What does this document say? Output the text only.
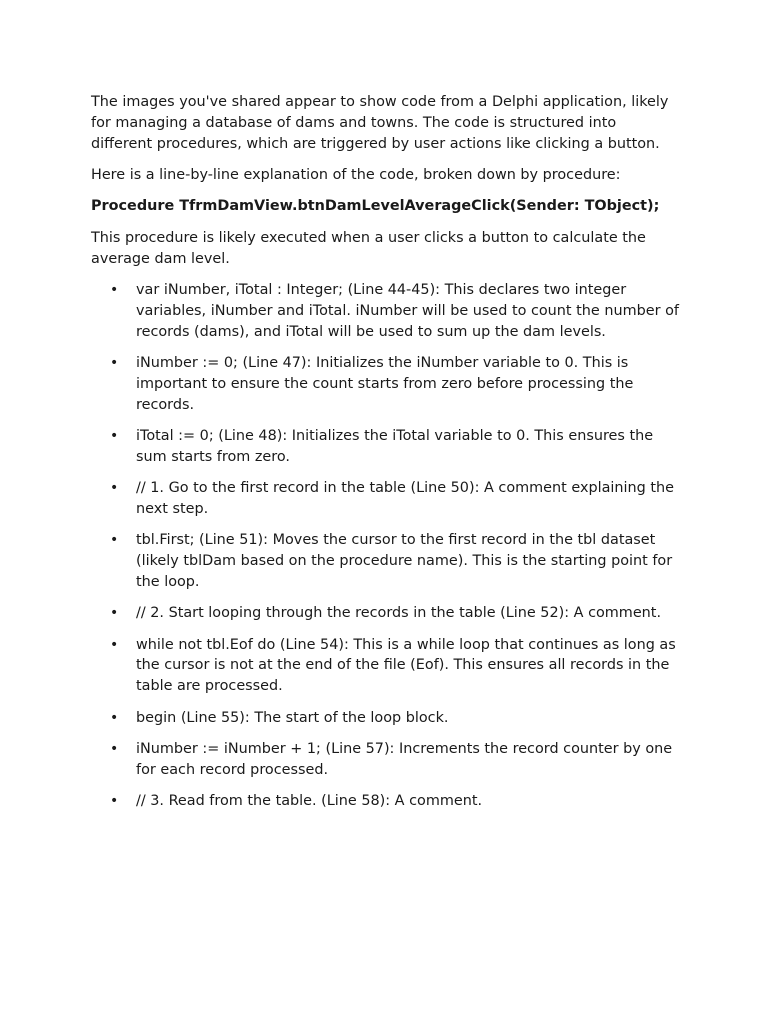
The images you've shared appear to show code from a Delphi application, likely for managing a database of dams and towns. The code is structured into different procedures, which are triggered by user actions like clicking a button.

Here is a line-by-line explanation of the code, broken down by procedure:

Procedure TfrmDamView.btnDamLevelAverageClick(Sender: TObject);

This procedure is likely executed when a user clicks a button to calculate the average dam level.

• var iNumber, iTotal : Integer; (Line 44-45): This declares two integer variables, iNumber and iTotal. iNumber will be used to count the number of records (dams), and iTotal will be used to sum up the dam levels.
• iNumber := 0; (Line 47): Initializes the iNumber variable to 0. This is important to ensure the count starts from zero before processing the records.
• iTotal := 0; (Line 48): Initializes the iTotal variable to 0. This ensures the sum starts from zero.
• // 1. Go to the first record in the table (Line 50): A comment explaining the next step.
• tbl.First; (Line 51): Moves the cursor to the first record in the tbl dataset (likely tblDam based on the procedure name). This is the starting point for the loop.
• // 2. Start looping through the records in the table (Line 52): A comment.
• while not tbl.Eof do (Line 54): This is a while loop that continues as long as the cursor is not at the end of the file (Eof). This ensures all records in the table are processed.
• begin (Line 55): The start of the loop block.
• iNumber := iNumber + 1; (Line 57): Increments the record counter by one for each record processed.
• // 3. Read from the table. (Line 58): A comment.
